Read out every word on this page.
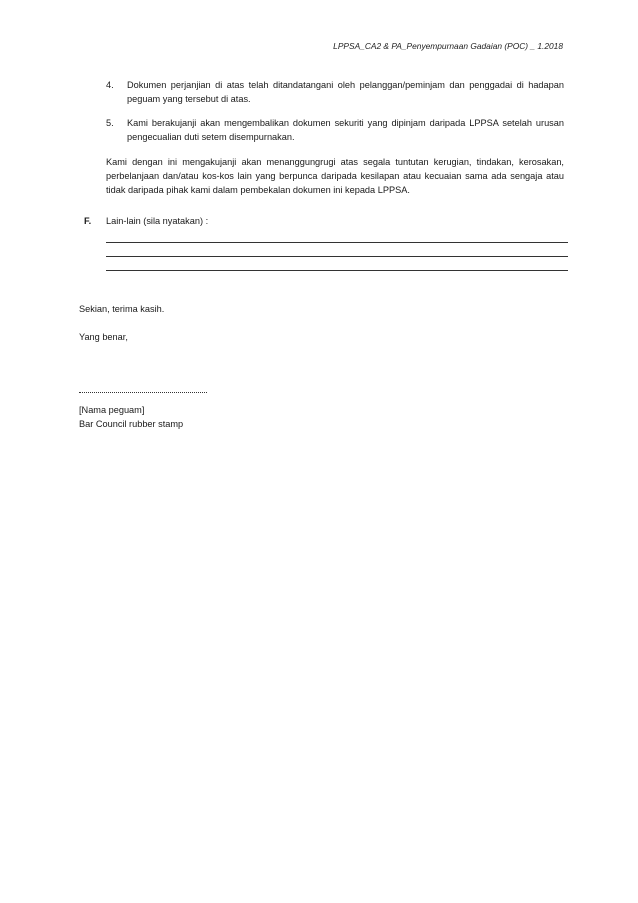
LPPSA_CA2 & PA_Penyempurnaan Gadaian (POC) _ 1.2018
4. Dokumen perjanjian di atas telah ditandatangani oleh pelanggan/peminjam dan penggadai di hadapan
peguam yang tersebut di atas.
5. Kami berakujanji akan mengembalikan dokumen sekuriti yang dipinjam daripada LPPSA setelah urusan
pengecualian duti setem disempurnakan.
Kami dengan ini mengakujanji akan menanggungrugi atas segala tuntutan kerugian, tindakan, kerosakan,
perbelanjaan dan/atau kos-kos lain yang berpunca daripada kesilapan atau kecuaian sama ada sengaja atau
tidak daripada pihak kami dalam pembekalan dokumen ini kepada LPPSA.
F. Lain-lain (sila nyatakan) :
Sekian, terima kasih.
Yang benar,
[Nama peguam]
Bar Council rubber stamp
